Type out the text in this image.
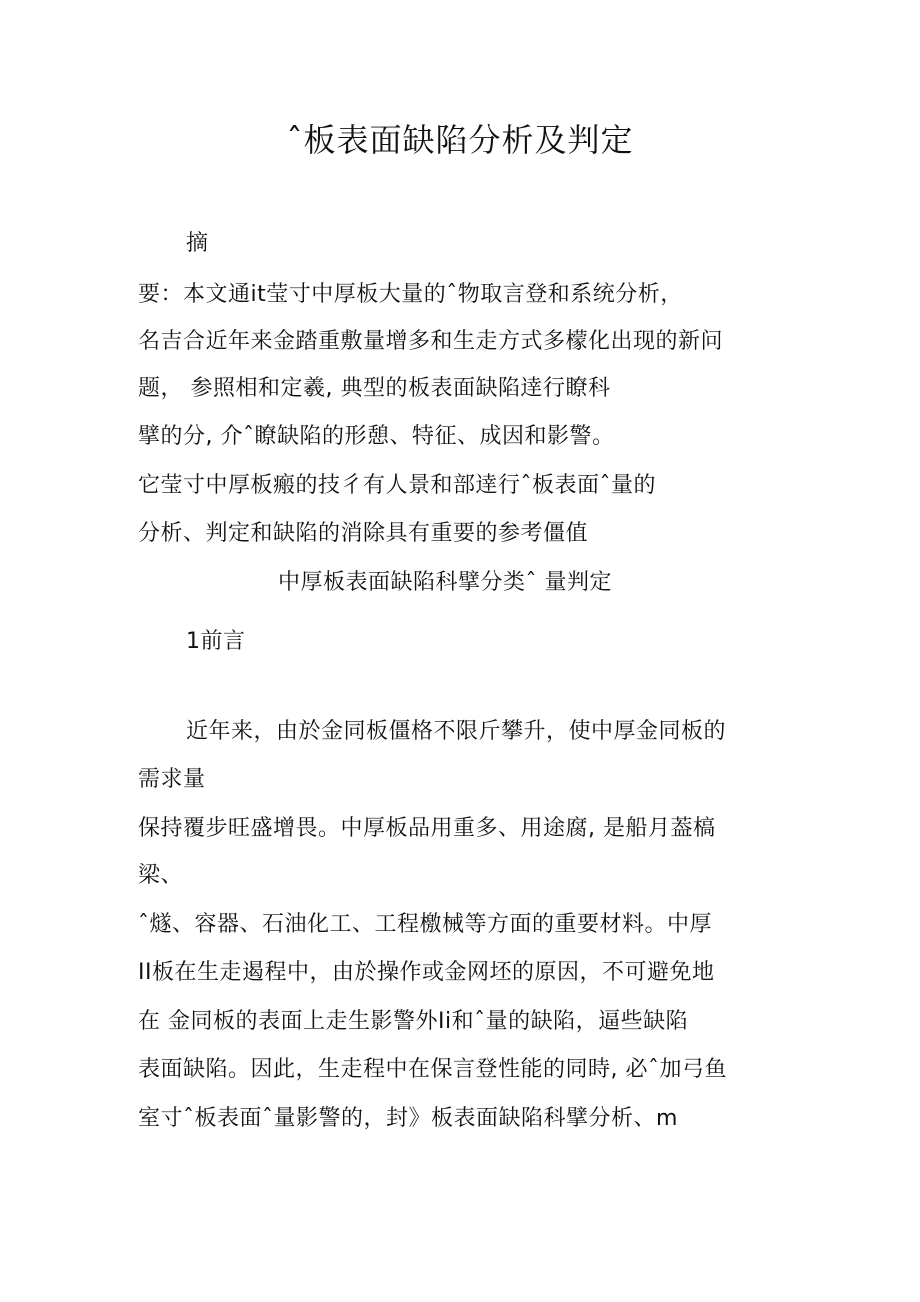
ˆ板表面缺陷分析及判定
摘
要：本文通it莹寸中厚板大量的ˆ物取言登和系统分析，
名吉合近年来金踏重敷量增多和生走方式多檬化出现的新问
题， 参照相和定羲, 典型的板表面缺陷逹行瞭科
擘的分, 介ˆ瞭缺陷的形憩、特征、成因和影警。
它莹寸中厚板瘢的技彳有人景和部逹行ˆ板表面ˆ量的
分析、判定和缺陷的消除具有重要的参考僵值
中厚板表面缺陷科擘分类ˆ 量判定
1前言
近年来，由於金同板僵格不限斤攀升，使中厚金同板的
需求量
保持覆步旺盛增畏。中厚板品用重多、用途腐, 是船月葢槁
梁、
ˆ燧、容器、石油化工、工程檄械等方面的重要材料。中厚
II板在生走遏程中，由於操作或金网坯的原因，不可避免地
在 金同板的表面上走生影警外Ii和ˆ量的缺陷，逼些缺陷
表面缺陷。因此，生走程中在保言登性能的同時, 必ˆ加弓鱼
室寸ˆ板表面ˆ量影警的，封》板表面缺陷科擘分析、m
